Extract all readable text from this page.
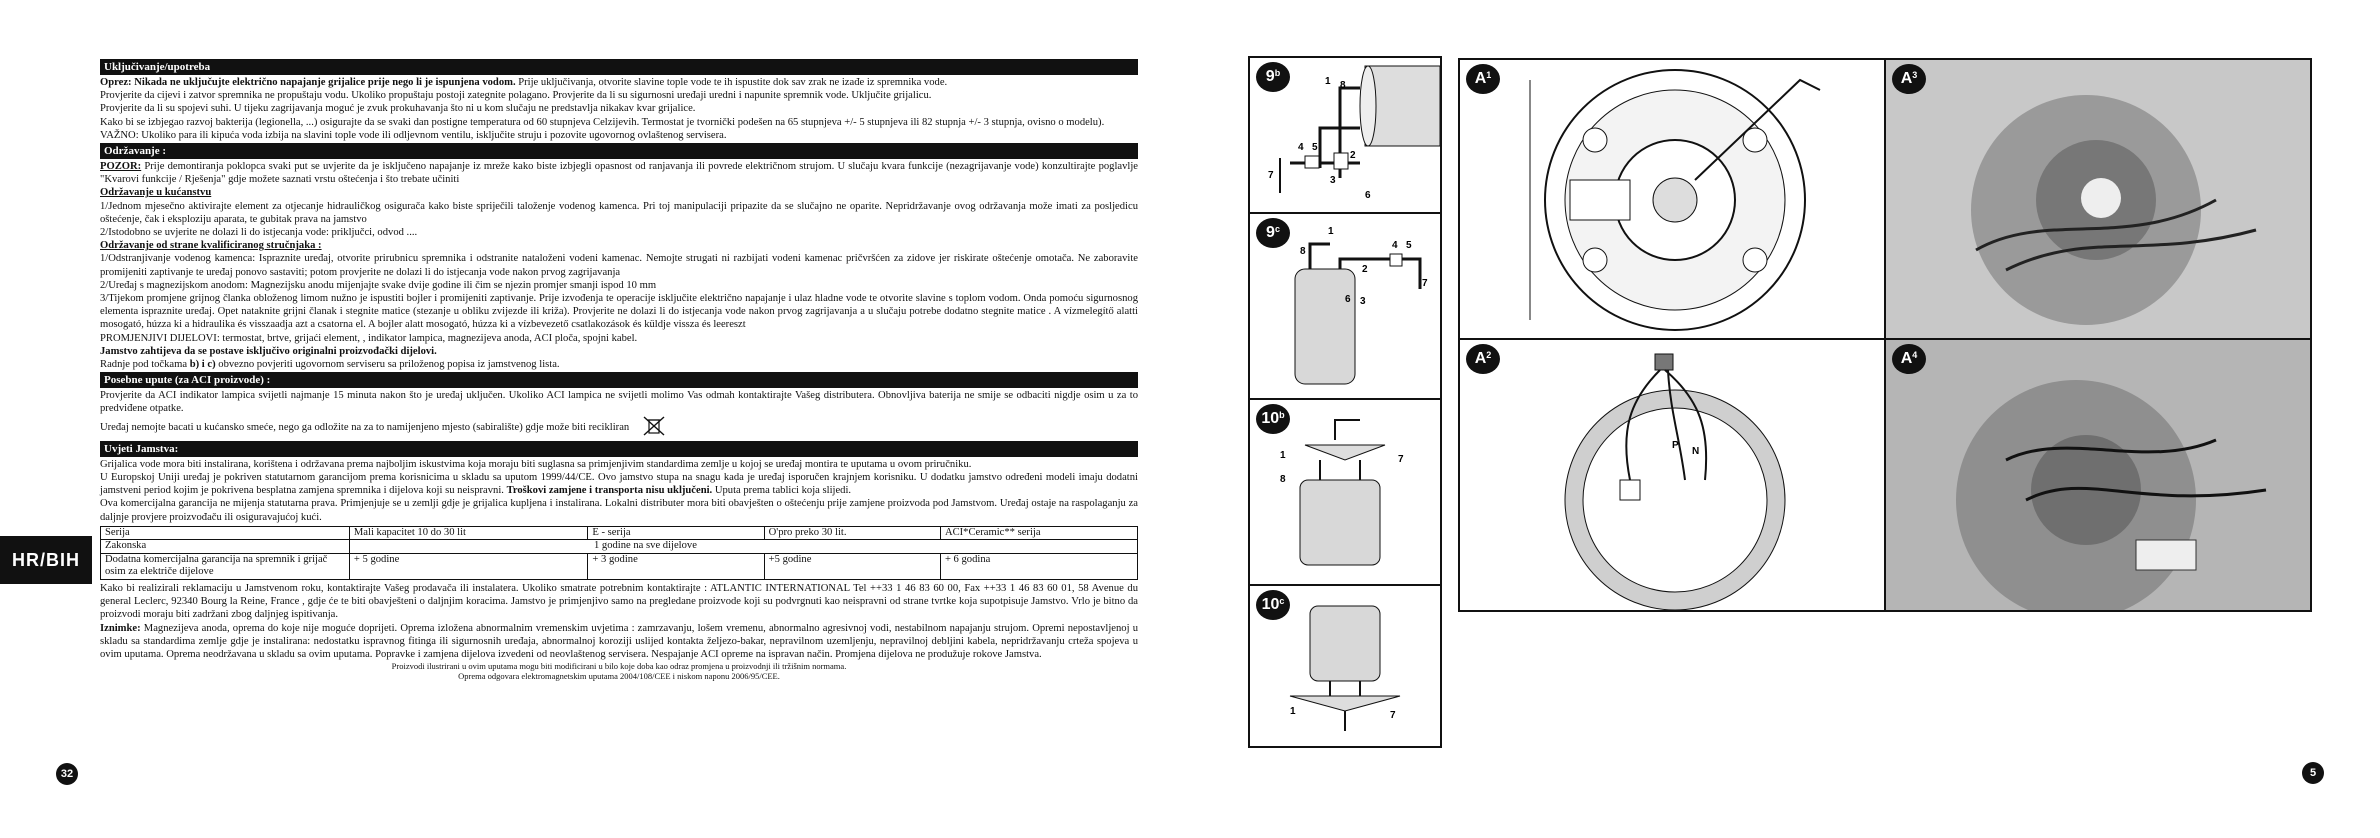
HR/BIH
Uključivanje/upotreba

Oprez: Nikada ne uključujte električno napajanje grijalice prije nego li je ispunjena vodom. Prije uključivanja, otvorite slavine tople vode te ih ispustite dok sav zrak ne izađe iz spremnika vode.

Provjerite da cijevi i zatvor spremnika ne propuštaju vodu. Ukoliko propuštaju postoji zategnite polagano. Provjerite da li su sigurnosni uređaji uredni i napunite spremnik vode. Uključite grijalicu.

Provjerite da li su spojevi suhi. U tijeku zagrijavanja moguć je zvuk prokuhavanja što ni u kom slučaju ne predstavlja nikakav kvar grijalice.

Kako bi se izbjegao razvoj bakterija (legionella, ...) osigurajte da se svaki dan postigne temperatura od 60 stupnjeva Celzijevih. Termostat je tvornički podešen na 65 stupnjeva +/- 5 stupnjeva ili 82 stupnja +/- 3 stupnja, ovisno o modelu).

VAŽNO: Ukoliko para ili kipuća voda izbija na slavini tople vode ili odljevnom ventilu, isključite struju i pozovite ugovornog ovlaštenog servisera.

Održavanje :

POZOR: Prije demontiranja poklopca svaki put se uvjerite da je isključeno napajanje iz mreže kako biste izbjegli opasnost od ranjavanja ili povrede električnom strujom. U slučaju kvara funkcije (nezagrijavanje vode) konzultirajte poglavlje "Kvarovi funkcije / Rješenja" gdje možete saznati vrstu oštećenja i što trebate učiniti

Održavanje u kućanstvu

1/Jednom mjesečno aktivirajte element za otjecanje hidrauličkog osigurača kako biste spriječili taloženje vodenog kamenca. Pri toj manipulaciji pripazite da se slučajno ne oparite. Nepridržavanje ovog održavanja može imati za posljedicu oštećenje, čak i eksploziju aparata, te gubitak prava na jamstvo

2/Istodobno se uvjerite ne dolazi li do istjecanja vode: priključci, odvod ....

Održavanje od strane kvalificiranog stručnjaka :

1/Odstranjivanje vodenog kamenca: Ispraznite uređaj, otvorite prirubnicu spremnika i odstranite nataloženi vodeni kamenac. Nemojte strugati ni razbijati vodeni kamenac pričvršćen za zidove jer riskirate oštećenje omotača. Ne zaboravite promijeniti zaptivanje te uređaj ponovo sastaviti; potom provjerite ne dolazi li do istjecanja vode nakon prvog zagrijavanja

2/Uređaj s magnezijskom anodom: Magnezijsku anodu mijenjajte svake dvije godine ili čim se njezin promjer smanji ispod 10 mm

3/Tijekom promjene grijnog članka obloženog limom nužno je ispustiti bojler i promijeniti zaptivanje. Prije izvođenja te operacije isključite električno napajanje i ulaz hladne vode te otvorite slavine s toplom vodom. Onda pomoću sigurnosnog elementa ispraznite uređaj. Opet nataknite grijni članak i stegnite matice (stezanje u obliku zvijezde ili križa). Provjerite ne dolazi li do istjecanja vode nakon prvog zagrijavanja a u slučaju potrebe dodatno stegnite matice . A vízmelegítő alatti mosogató, húzza ki a hidraulika és visszaadja azt a csatorna el. A bojler alatt mosogató, húzza ki a vízbevezető csatlakozások és küldje vissza és leereszt

PROMJENJIVI DIJELOVI: termostat, brtve, grijaći element, , indikator lampica, magnezijeva anoda, ACI ploča, spojni kabel.

Jamstvo zahtijeva da se postave isključivo originalni proizvođački dijelovi.

Radnje pod točkama b) i c) obvezno povjeriti ugovornom serviseru sa priloženog popisa iz jamstvenog lista.

Posebne upute (za ACI proizvode) :

Provjerite da ACI indikator lampica svijetli najmanje 15 minuta nakon što je uređaj uključen. Ukoliko ACI lampica ne svijetli molimo Vas odmah kontaktirajte Vašeg distributera. Obnovljiva baterija ne smije se odbaciti nigdje osim u za to predviđene otpatke.

Uređaj nemojte bacati u kućansko smeće, nego ga odložite na za to namijenjeno mjesto (sabiralište) gdje može biti recikliran

Uvjeti Jamstva:

Grijalica vode mora biti instalirana, korištena i održavana prema najboljim iskustvima koja moraju biti suglasna sa primjenjivim standardima zemlje u kojoj se uređaj montira te uputama u ovom priručniku.

U Europskoj Uniji uređaj je pokriven statutarnom garancijom prema korisnicima u skladu sa uputom 1999/44/CE. Ovo jamstvo stupa na snagu kada je uređaj isporučen krajnjem korisniku. U dodatku jamstvo određeni modeli imaju dodatni jamstveni period kojim je pokrivena besplatna zamjena spremnika i dijelova koji su neispravni. Troškovi zamjene i transporta nisu uključeni. Uputa prema tablici koja slijedi.

Ova komercijalna garancija ne mijenja statutarna prava. Primjenjuje se u zemlji gdje je grijalica kupljena i instalirana. Lokalni distributer mora biti obavješten o oštećenju prije zamjene proizvoda pod Jamstvom. Uređaj ostaje na raspolaganju za daljnje provjere proizvođaču ili osiguravajućoj kući.

Serija	Mali kapacitet 10 do 30 lit	E - serija	O'pro preko 30 lit.	ACI*Ceramic** serija
Zakonska	1 godine na sve dijelove			
Dodatna komercijalna garancija na spremnik i grijač osim za električe dijelove	+ 5 godine	+ 3 godine	+5 godine	+ 6 godina

Kako bi realizirali reklamaciju u Jamstvenom roku, kontaktirajte Vašeg prodavača ili instalatera. Ukoliko smatrate potrebnim kontaktirajte : ATLANTIC INTERNATIONAL Tel ++33 1 46 83 60 00, Fax ++33 1 46 83 60 01, 58 Avenue du general Leclerc, 92340 Bourg la Reine, France , gdje će te biti obavješteni o daljnjim koracima. Jamstvo je primjenjivo samo na pregledane proizvode koji su podvrgnuti kao neispravni od strane tvrtke koja supotpisuje Jamstvo. Vrlo je bitno da proizvodi moraju biti zadržani zbog daljnjeg ispitivanja.

Iznimke: Magnezijeva anoda, oprema do koje nije moguće doprijeti. Oprema izložena abnormalnim vremenskim uvjetima : zamrzavanju, lošem vremenu, abnormalno agresivnoj vodi, nestabilnom napajanju strujom. Opremi nepostavljenoj u skladu sa standardima zemlje gdje je instalirana: nedostatku ispravnog fitinga ili sigurnosnih uređaja, abnormalnoj koroziji uslijed kontakta željezo-bakar, nepravilnom uzemljenju, nepravilnoj debljini kabela, nepridržavanju crteža spojeva u ovim uputama. Oprema neodržavana u skladu sa ovim uputama. Popravke i zamjena dijelova izvedeni od neovlaštenog servisera. Nespajanje ACI opreme na ispravan način. Promjena dijelova ne produžuje rokove Jamstva.

Proizvodi ilustrirani u ovim uputama mogu biti modificirani u bilo koje doba kao odraz promjena u proizvodnji ili tržišnim normama.
Oprema odgovara elektromagnetskim uputama 2004/108/CEE i niskom naponu 2006/95/CEE.
32	5
9$^b$
1 8
4 5
2
3
7
6
9$^c$	1
8
4 5
2
3
6
7
10$^b$
1
8
7
10$^c$
1	7
$A^1$	$A^3$
$A^2$
P
N
$A^4$
